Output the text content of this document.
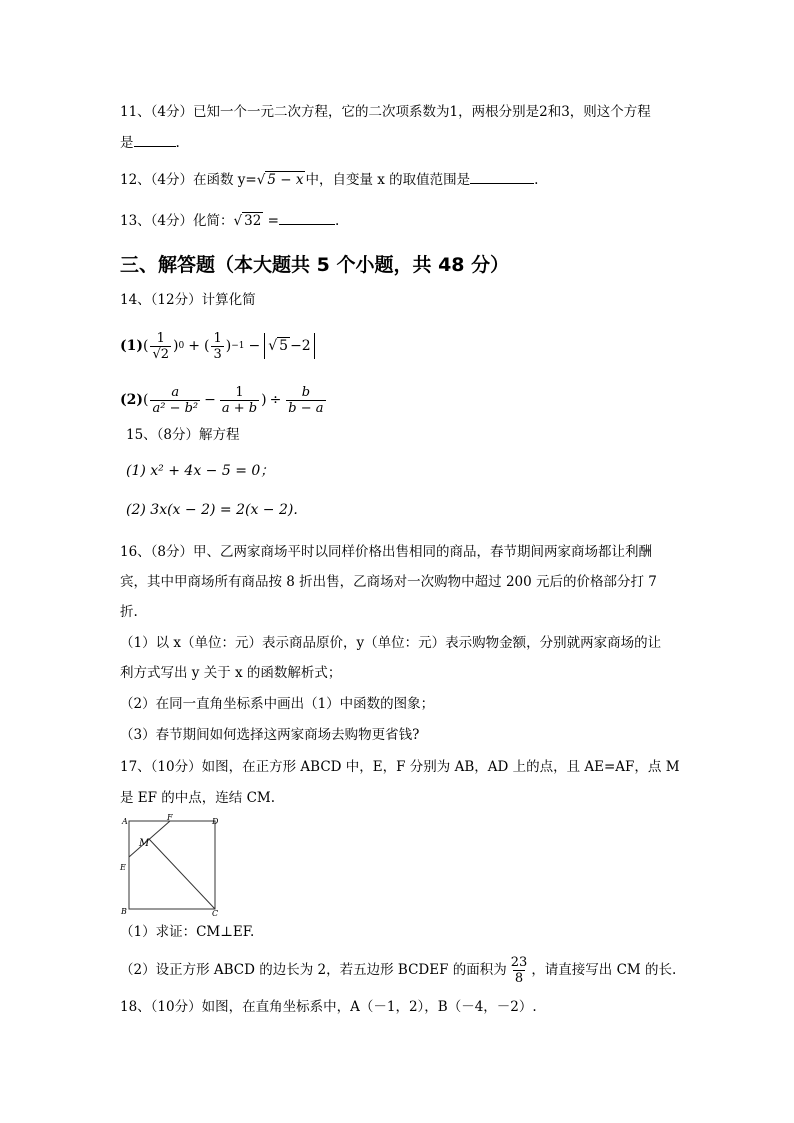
11、（4分）已知一个一元二次方程，它的二次项系数为1，两根分别是2和3，则这个方程
是	.
12、（4分）在函数 y=√ 5 − x 中，自变量 x 的取值范围是	.
13、（4分）化简：√ 32 =	.
三、解答题（本大题共 5 个小题，共 48 分）
14、（12分）计算化简
(1) ( $\frac{1}{√2}$ ) 0 + ( $\frac{1}{3}$ ) −1 − √ 5 −2
(2) ( $\frac{a}{\text{a² − b²}} - \frac{1}{a + b}$ ) ÷ $\frac{b}{b - a}$
15、（8分）解方程
(1) x² + 4x − 5 = 0；
(2) 3x(x − 2) = 2(x − 2).
16、（8分）甲、乙两家商场平时以同样价格出售相同的商品，春节期间两家商场都让利酬
宾，其中甲商场所有商品按 8 折出售，乙商场对一次购物中超过 200 元后的价格部分打 7
折.
（1）以 x（单位：元）表示商品原价，y（单位：元）表示购物金额，分别就两家商场的让
利方式写出 y 关于 x 的函数解析式；
（2）在同一直角坐标系中画出（1）中函数的图象；
（3）春节期间如何选择这两家商场去购物更省钱?
17、（10分）如图，在正方形 ABCD 中，E，F 分别为 AB，AD 上的点，且 AE=AF，点 M
是 EF 的中点，连结 CM.
A	F	D
M
E
B	C
（1）求证：CM⊥EF.
（2）设正方形 ABCD 的边长为 2，若五边形 BCDEF 的面积为 $\frac{23}{8}$ ，请直接写出 CM 的长.
18、（10分）如图，在直角坐标系中，A（－1，2），B（－4，－2）.
